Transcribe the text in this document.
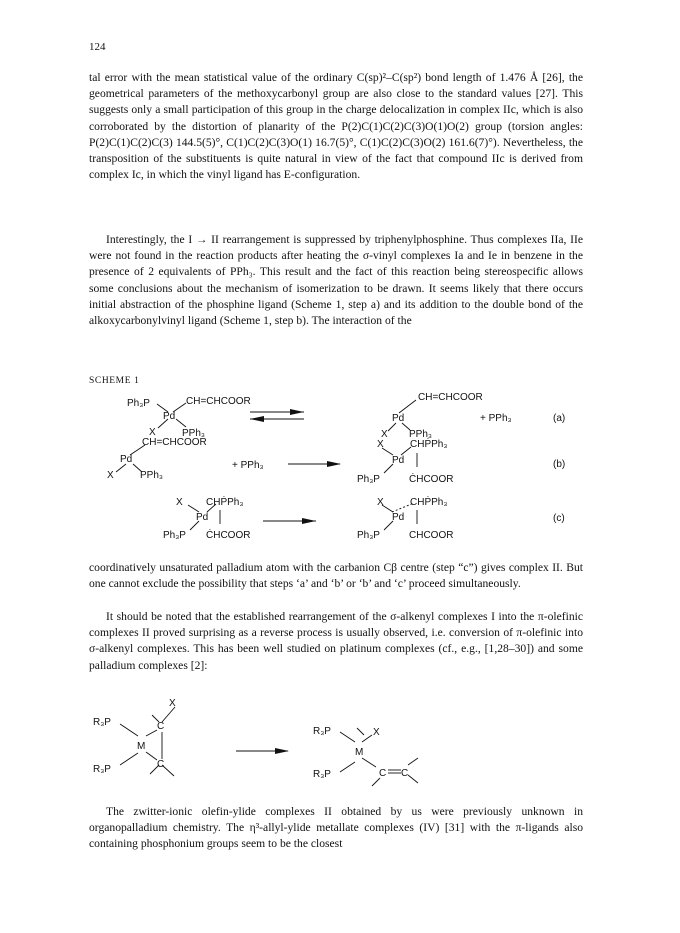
124

tal error with the mean statistical value of the ordinary C(sp)²–C(sp²) bond length of 1.476 Å [26], the geometrical parameters of the methoxycarbonyl group are also close to the standard values [27]. This suggests only a small participation of this group in the charge delocalization in complex IIc, which is also corroborated by the distortion of planarity of the P(2)C(1)C(2)C(3)O(1)O(2) group (torsion angles: P(2)C(1)C(2)C(3) 144.5(5)°, C(1)C(2)C(3)O(1) 16.7(5)°, C(1)C(2)C(3)O(2) 161.6(7)°). Nevertheless, the transposition of the substituents is quite natural in view of the fact that compound IIc is derived from complex Ic, in which the vinyl ligand has E-configuration.

Interestingly, the I → II rearrangement is suppressed by triphenylphosphine. Thus complexes IIa, IIe were not found in the reaction products after heating the σ-vinyl complexes Ia and Ie in benzene in the presence of 2 equivalents of PPh₃. This result and the fact of this reaction being stereospecific allows some conclusions about the mechanism of isomerization to be drawn. It seems likely that there occurs initial abstraction of the phosphine ligand (Scheme 1, step a) and its addition to the double bond of the alkoxycarbonylvinyl ligand (Scheme 1, step b). The interaction of the

SCHEME 1
Ph₃P	CH=CHCOOR
Pd
X	PPh₃
CH=CHCOOR
Pd
X PPh₃
+ PPh₃	(a)
CH=CHCOOR
Pd
X	PPh₃
+ PPh₃
X	CHṖPh₃
Pd
Ph₃P	ĊHCOOR
(b)
X CHṖPh₃
Pd
Ph₃P ĊHCOOR
X	CHṖPh₃
Pd
Ph₃P	CHCOOR
(c)

coordinatively unsaturated palladium atom with the carbanion Cβ centre (step “c”) gives complex II. But one cannot exclude the possibility that steps ‘a’ and ‘b’ or ‘b’ and ‘c’ proceed simultaneously.

It should be noted that the established rearrangement of the σ-alkenyl complexes I into the π-olefinic complexes II proved surprising as a reverse process is usually observed, i.e. conversion of π-olefinic into σ-alkenyl complexes. This has been well studied on platinum complexes (cf., e.g., [1,28–30]) and some palladium complexes [2]:

X
C
R₃P
M
R₃P	C
R₃P	X
M
R₃P	C C

The zwitter-ionic olefin-ylide complexes II obtained by us were previously unknown in organopalladium chemistry. The η³-allyl-ylide metallate complexes (IV) [31] with the π-ligands also containing phosphonium groups seem to be the closest
